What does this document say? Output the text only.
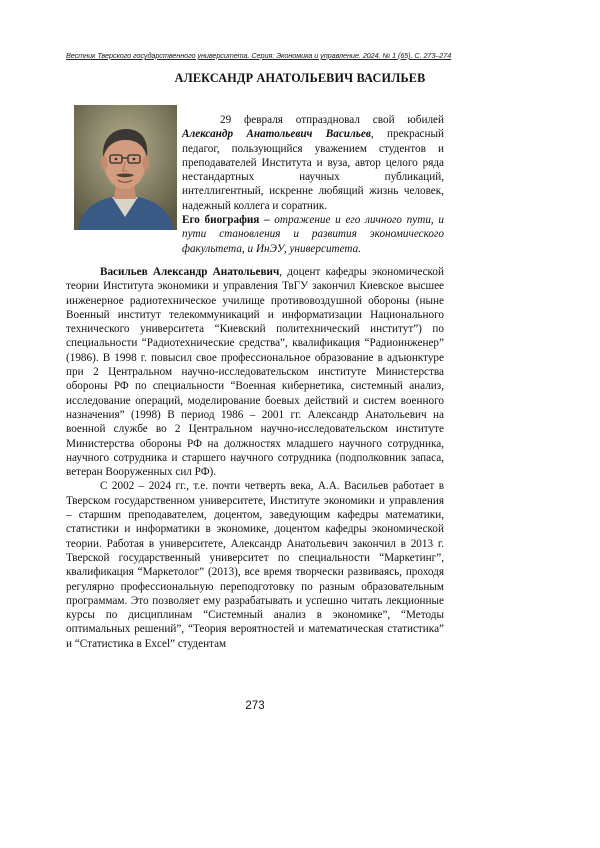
Вестник Тверского государственного университета. Серия: Экономика и управление. 2024. № 1 (65). С. 273–274
АЛЕКСАНДР АНАТОЛЬЕВИЧ ВАСИЛЬЕВ

29 февраля отпраздновал свой юбилей Александр Анатольевич Васильев, прекрасный педагог, пользующийся уважением студентов и преподавателей Института и вуза, автор целого ряда нестандартных научных публикаций, интеллигентный, искренне любящий жизнь человек, надежный коллега и соратник.

Его биография – отражение и его личного пути, и пути становления и развития экономического факультета, и ИнЭУ, университета.

Васильев Александр Анатольевич, доцент кафедры экономической теории Института экономики и управления ТвГУ закончил Киевское высшее инженерное радиотехническое училище противовоздушной обороны (ныне Военный институт телекоммуникаций и информатизации Национального технического университета “Киевский политехнический институт”) по специальности “Радиотехнические средства”, квалификация “Радиоинженер” (1986). В 1998 г. повысил свое профессиональное образование в адъюнктуре при 2 Центральном научно-исследовательском институте Министерства обороны РФ по специальности “Военная кибернетика, системный анализ, исследование операций, моделирование боевых действий и систем военного назначения” (1998) В период 1986 – 2001 гг. Александр Анатольевич на военной службе во 2 Центральном научно-исследовательском институте Министерства обороны РФ на должностях младшего научного сотрудника, научного сотрудника и старшего научного сотрудника (подполковник запаса, ветеран Вооруженных сил РФ).

С 2002 – 2024 гг., т.е. почти четверть века, А.А. Васильев работает в Тверском государственном университете, Институте экономики и управления – старшим преподавателем, доцентом, заведующим кафедры математики, статистики и информатики в экономике, доцентом кафедры экономической теории. Работая в университете, Александр Анатольевич закончил в 2013 г. Тверской государственный университет по специальности “Маркетинг”, квалификация “Маркетолог” (2013), все время творчески развиваясь, проходя регулярно профессиональную переподготовку по разным образовательным программам. Это позволяет ему разрабатывать и успешно читать лекционные курсы по дисциплинам “Системный анализ в экономике”, “Методы оптимальных решений”, “Теория вероятностей и математическая статистика” и “Статистика в Excel” студентам

273
